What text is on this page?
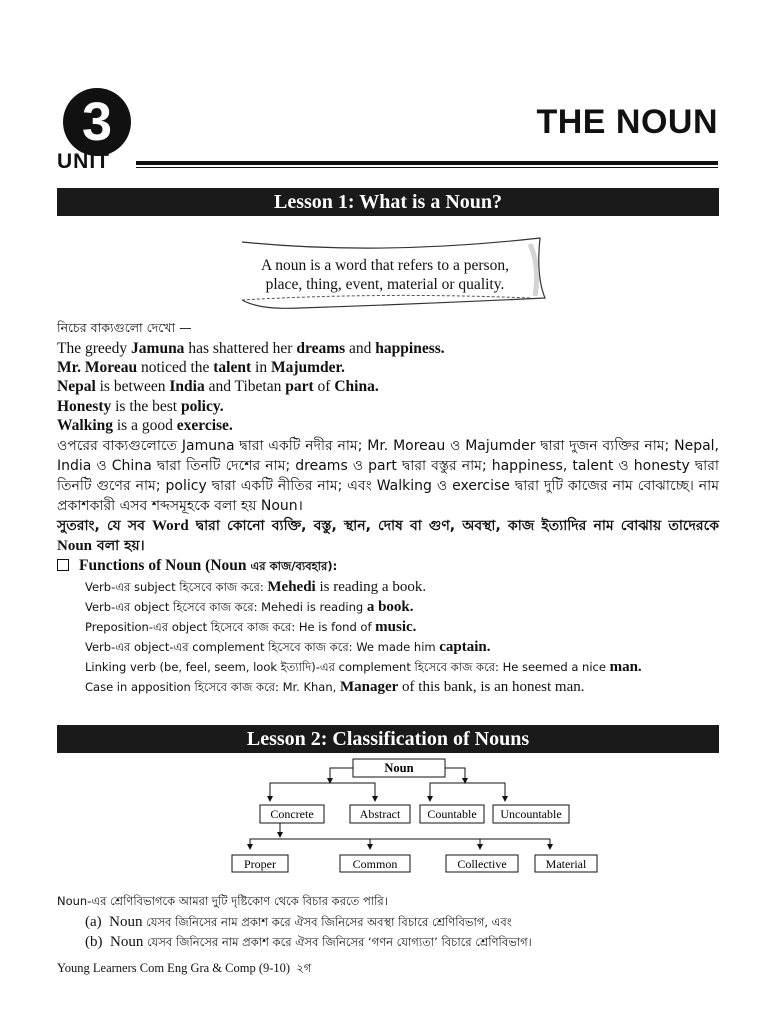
3
UNIT
THE NOUN
Lesson 1: What is a Noun?
A noun is a word that refers to a person,
place, thing, event, material or quality.
নিচের বাক্যগুলো দেখো —
The greedy Jamuna has shattered her dreams and happiness.
Mr. Moreau noticed the talent in Majumder.
Nepal is between India and Tibetan part of China.
Honesty is the best policy.
Walking is a good exercise.
ওপরের বাক্যগুলোতে Jamuna দ্বারা একটি নদীর নাম; Mr. Moreau ও Majumder দ্বারা দুজন ব্যক্তির নাম; Nepal, India ও China দ্বারা তিনটি দেশের নাম; dreams ও part দ্বারা বস্তুর নাম; happiness, talent ও honesty দ্বারা তিনটি গুণের নাম; policy দ্বারা একটি নীতির নাম; এবং Walking ও exercise দ্বারা দুটি কাজের নাম বোঝাচ্ছে। নাম প্রকাশকারী এসব শব্দসমূহকে বলা হয় Noun।
সুতরাং, যে সব Word দ্বারা কোনো ব্যক্তি, বস্তু, স্থান, দোষ বা গুণ, অবস্থা, কাজ ইত্যাদির নাম বোঝায় তাদেরকে Noun বলা হয়।
Functions of Noun (Noun এর কাজ/ব্যবহার):
Verb-এর subject হিসেবে কাজ করে: Mehedi is reading a book.
Verb-এর object হিসেবে কাজ করে: Mehedi is reading a book.
Preposition-এর object হিসেবে কাজ করে: He is fond of music.
Verb-এর object-এর complement হিসেবে কাজ করে: We made him captain.
Linking verb (be, feel, seem, look ইত্যাদি)-এর complement হিসেবে কাজ করে: He seemed a nice man.
Case in apposition হিসেবে কাজ করে: Mr. Khan, Manager of this bank, is an honest man.
Lesson 2: Classification of Nouns
Noun
Concrete	Abstract Countable Uncountable
Proper	Common	Collective	Material
Noun-এর শ্রেণিবিভাগকে আমরা দুটি দৃষ্টিকোণ থেকে বিচার করতে পারি।
(a) Noun যেসব জিনিসের নাম প্রকাশ করে ঐসব জিনিসের অবস্থা বিচারে শ্রেণিবিভাগ, এবং
(b) Noun যেসব জিনিসের নাম প্রকাশ করে ঐসব জিনিসের ‘গণন যোগ্যতা’ বিচারে শ্রেণিবিভাগ।
Young Learners Com Eng Gra & Comp (9-10) ২গ
